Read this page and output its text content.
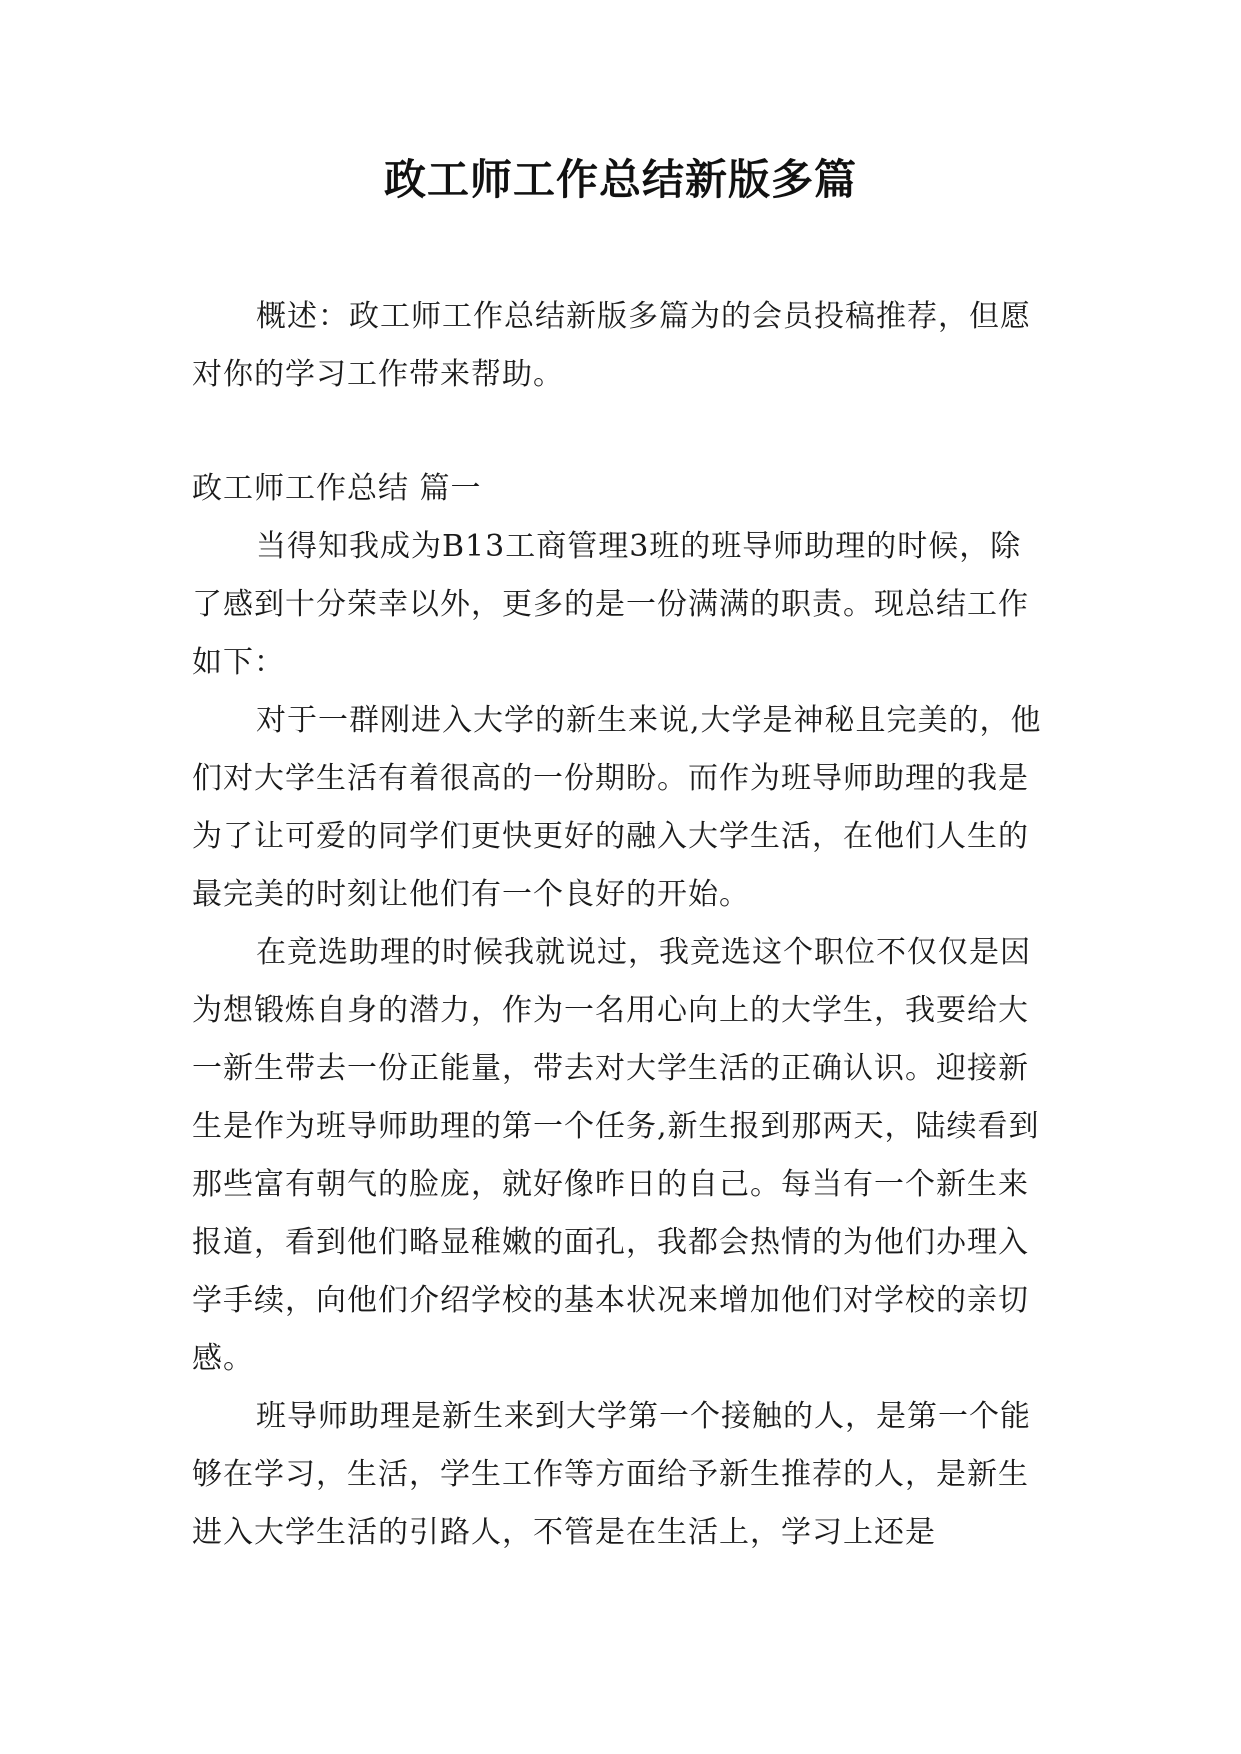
政工师工作总结新版多篇

概述：政工师工作总结新版多篇为的会员投稿推荐，但愿对你的学习工作带来帮助。

政工师工作总结 篇一

当得知我成为B13工商管理3班的班导师助理的时候，除了感到十分荣幸以外，更多的是一份满满的职责。现总结工作如下：

对于一群刚进入大学的新生来说,大学是神秘且完美的，他们对大学生活有着很高的一份期盼。而作为班导师助理的我是为了让可爱的同学们更快更好的融入大学生活，在他们人生的最完美的时刻让他们有一个良好的开始。

在竞选助理的时候我就说过，我竞选这个职位不仅仅是因为想锻炼自身的潜力，作为一名用心向上的大学生，我要给大一新生带去一份正能量，带去对大学生活的正确认识。迎接新生是作为班导师助理的第一个任务,新生报到那两天，陆续看到那些富有朝气的脸庞，就好像昨日的自己。每当有一个新生来报道，看到他们略显稚嫩的面孔，我都会热情的为他们办理入学手续，向他们介绍学校的基本状况来增加他们对学校的亲切感。

班导师助理是新生来到大学第一个接触的人，是第一个能够在学习，生活，学生工作等方面给予新生推荐的人，是新生进入大学生活的引路人，不管是在生活上，学习上还是
